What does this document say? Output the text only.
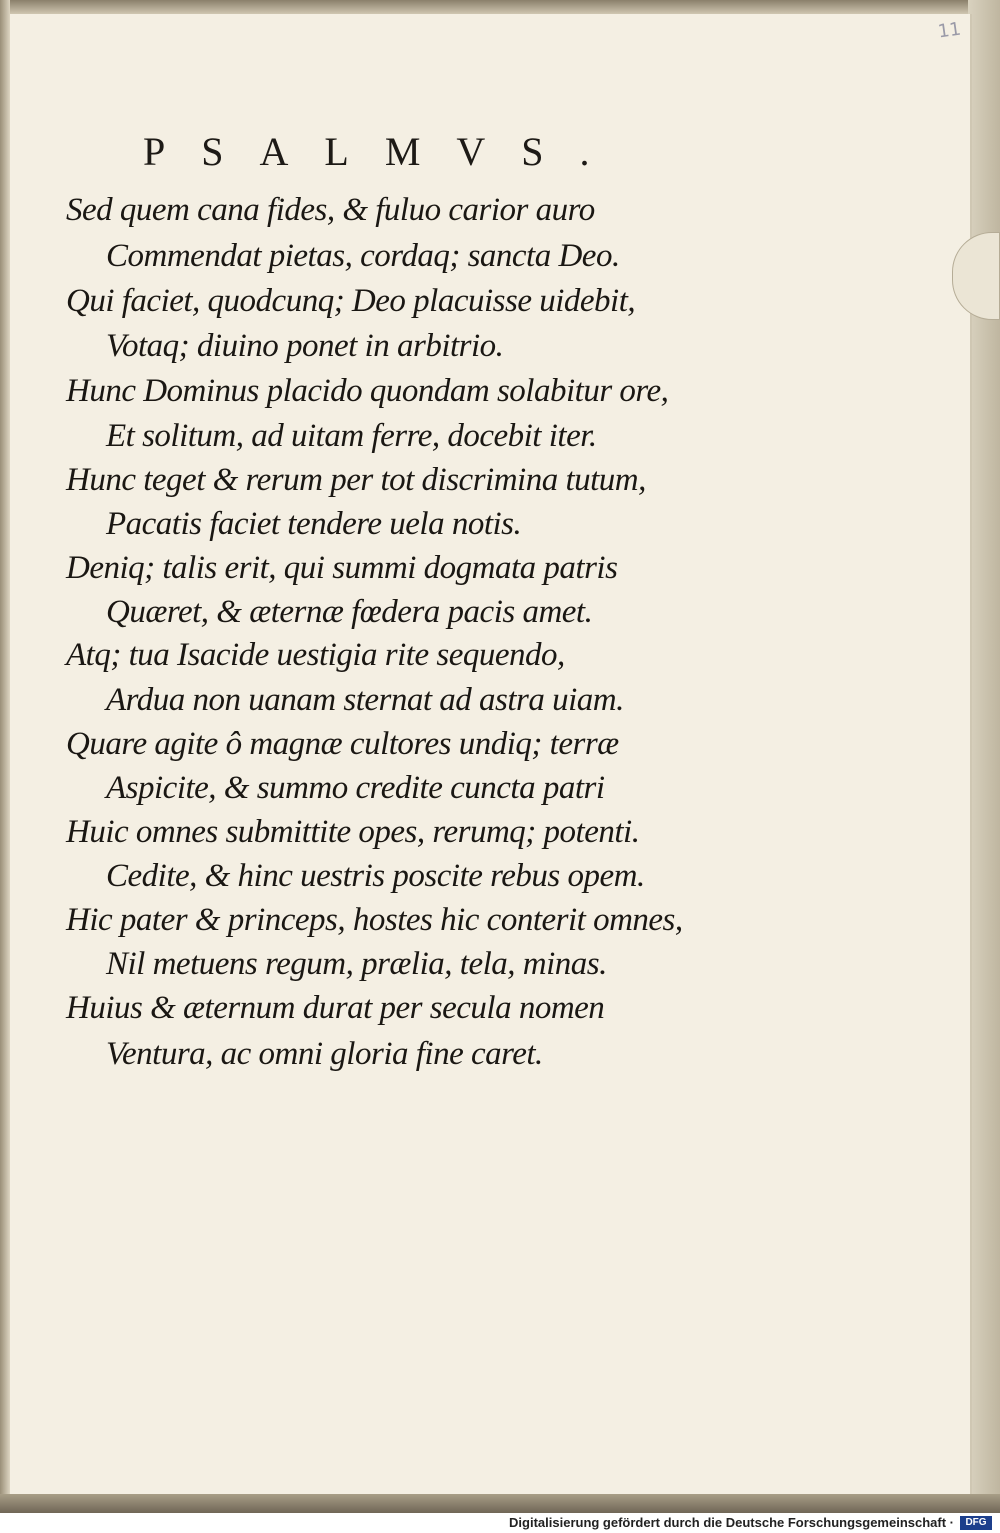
11
PSALMVS.
Sed quem cana fides, & fuluo carior auro
Commendat pietas, cordaq; sancta Deo.
Qui faciet, quodcunq; Deo placuisse uidebit,
Votaq; diuino ponet in arbitrio.
Hunc Dominus placido quondam solabitur ore,
Et solitum, ad uitam ferre, docebit iter.
Hunc teget & rerum per tot discrimina tutum,
Pacatis faciet tendere uela notis.
Deniq; talis erit, qui summi dogmata patris
Quæret, & æternæ fœdera pacis amet.
Atq; tua Isacide uestigia rite sequendo,
Ardua non uanam sternat ad astra uiam.
Quare agite ô magnæ cultores undiq; terræ
Aspicite, & summo credite cuncta patri
Huic omnes submittite opes, rerumq; potenti.
Cedite, & hinc uestris poscite rebus opem.
Hic pater & princeps, hostes hic conterit omnes,
Nil metuens regum, prælia, tela, minas.
Huius & æternum durat per secula nomen
Ventura, ac omni gloria fine caret.
Digitalisierung gefördert durch die Deutsche Forschungsgemeinschaft ·	DFG
